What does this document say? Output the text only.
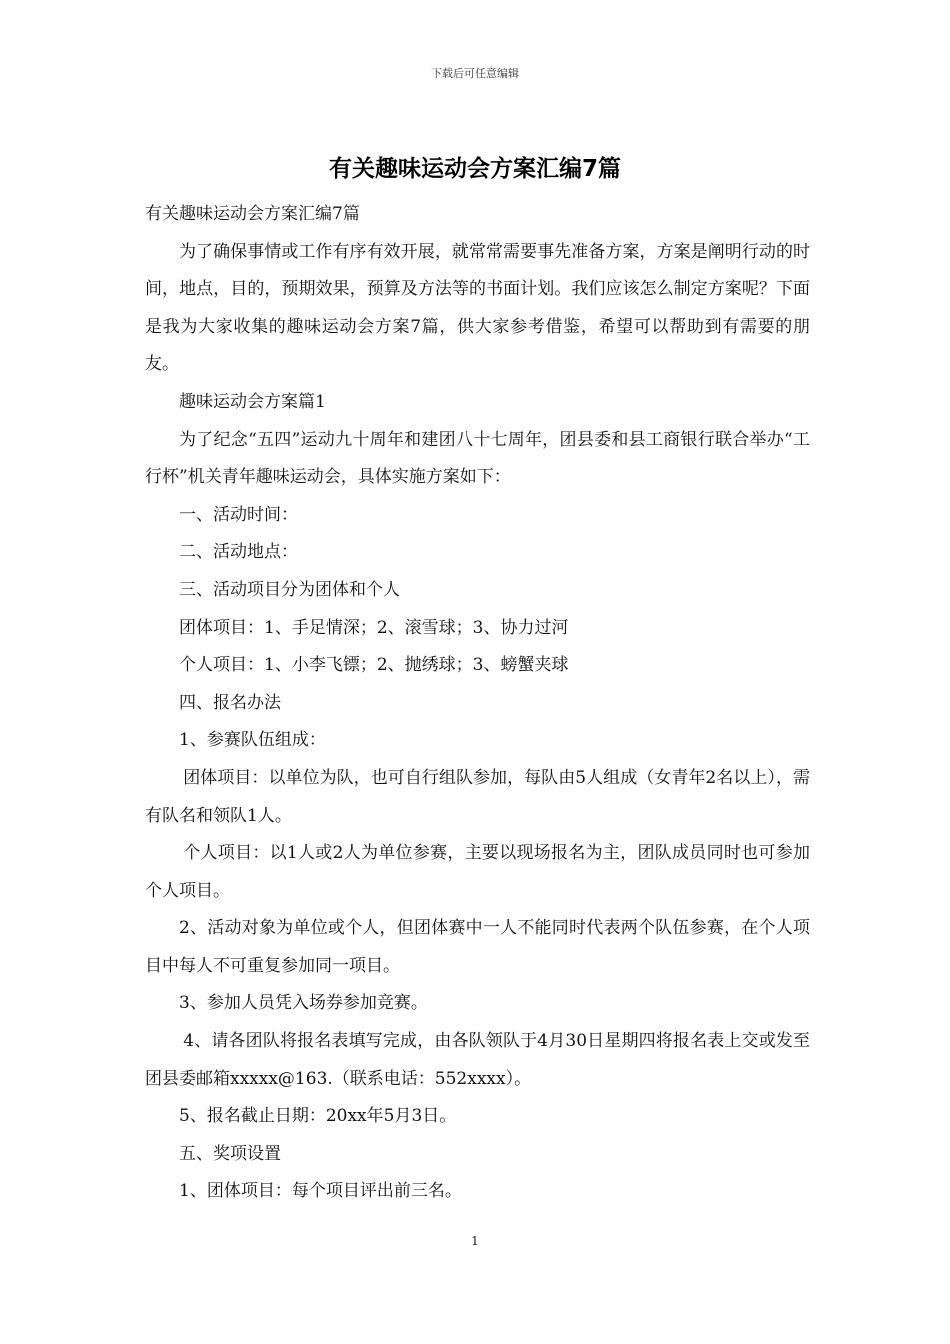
下载后可任意编辑
有关趣味运动会方案汇编7篇

有关趣味运动会方案汇编7篇

为了确保事情或工作有序有效开展，就常常需要事先准备方案，方案是阐明行动的时间，地点，目的，预期效果，预算及方法等的书面计划。我们应该怎么制定方案呢？下面是我为大家收集的趣味运动会方案7篇，供大家参考借鉴，希望可以帮助到有需要的朋友。

趣味运动会方案篇1

为了纪念“五四”运动九十周年和建团八十七周年，团县委和县工商银行联合举办“工行杯”机关青年趣味运动会，具体实施方案如下：

一、活动时间：

二、活动地点：

三、活动项目分为团体和个人

团体项目：1、手足情深；2、滚雪球；3、协力过河

个人项目：1、小李飞镖；2、抛绣球；3、螃蟹夹球

四、报名办法

1、参赛队伍组成：

团体项目：以单位为队，也可自行组队参加，每队由5人组成（女青年2名以上），需有队名和领队1人。

个人项目：以1人或2人为单位参赛，主要以现场报名为主，团队成员同时也可参加个人项目。

2、活动对象为单位或个人，但团体赛中一人不能同时代表两个队伍参赛，在个人项目中每人不可重复参加同一项目。

3、参加人员凭入场券参加竞赛。

4、请各团队将报名表填写完成，由各队领队于4月30日星期四将报名表上交或发至团县委邮箱xxxxx@163.（联系电话：552xxxx）。

5、报名截止日期：20xx年5月3日。

五、奖项设置

1、团体项目：每个项目评出前三名。

1
